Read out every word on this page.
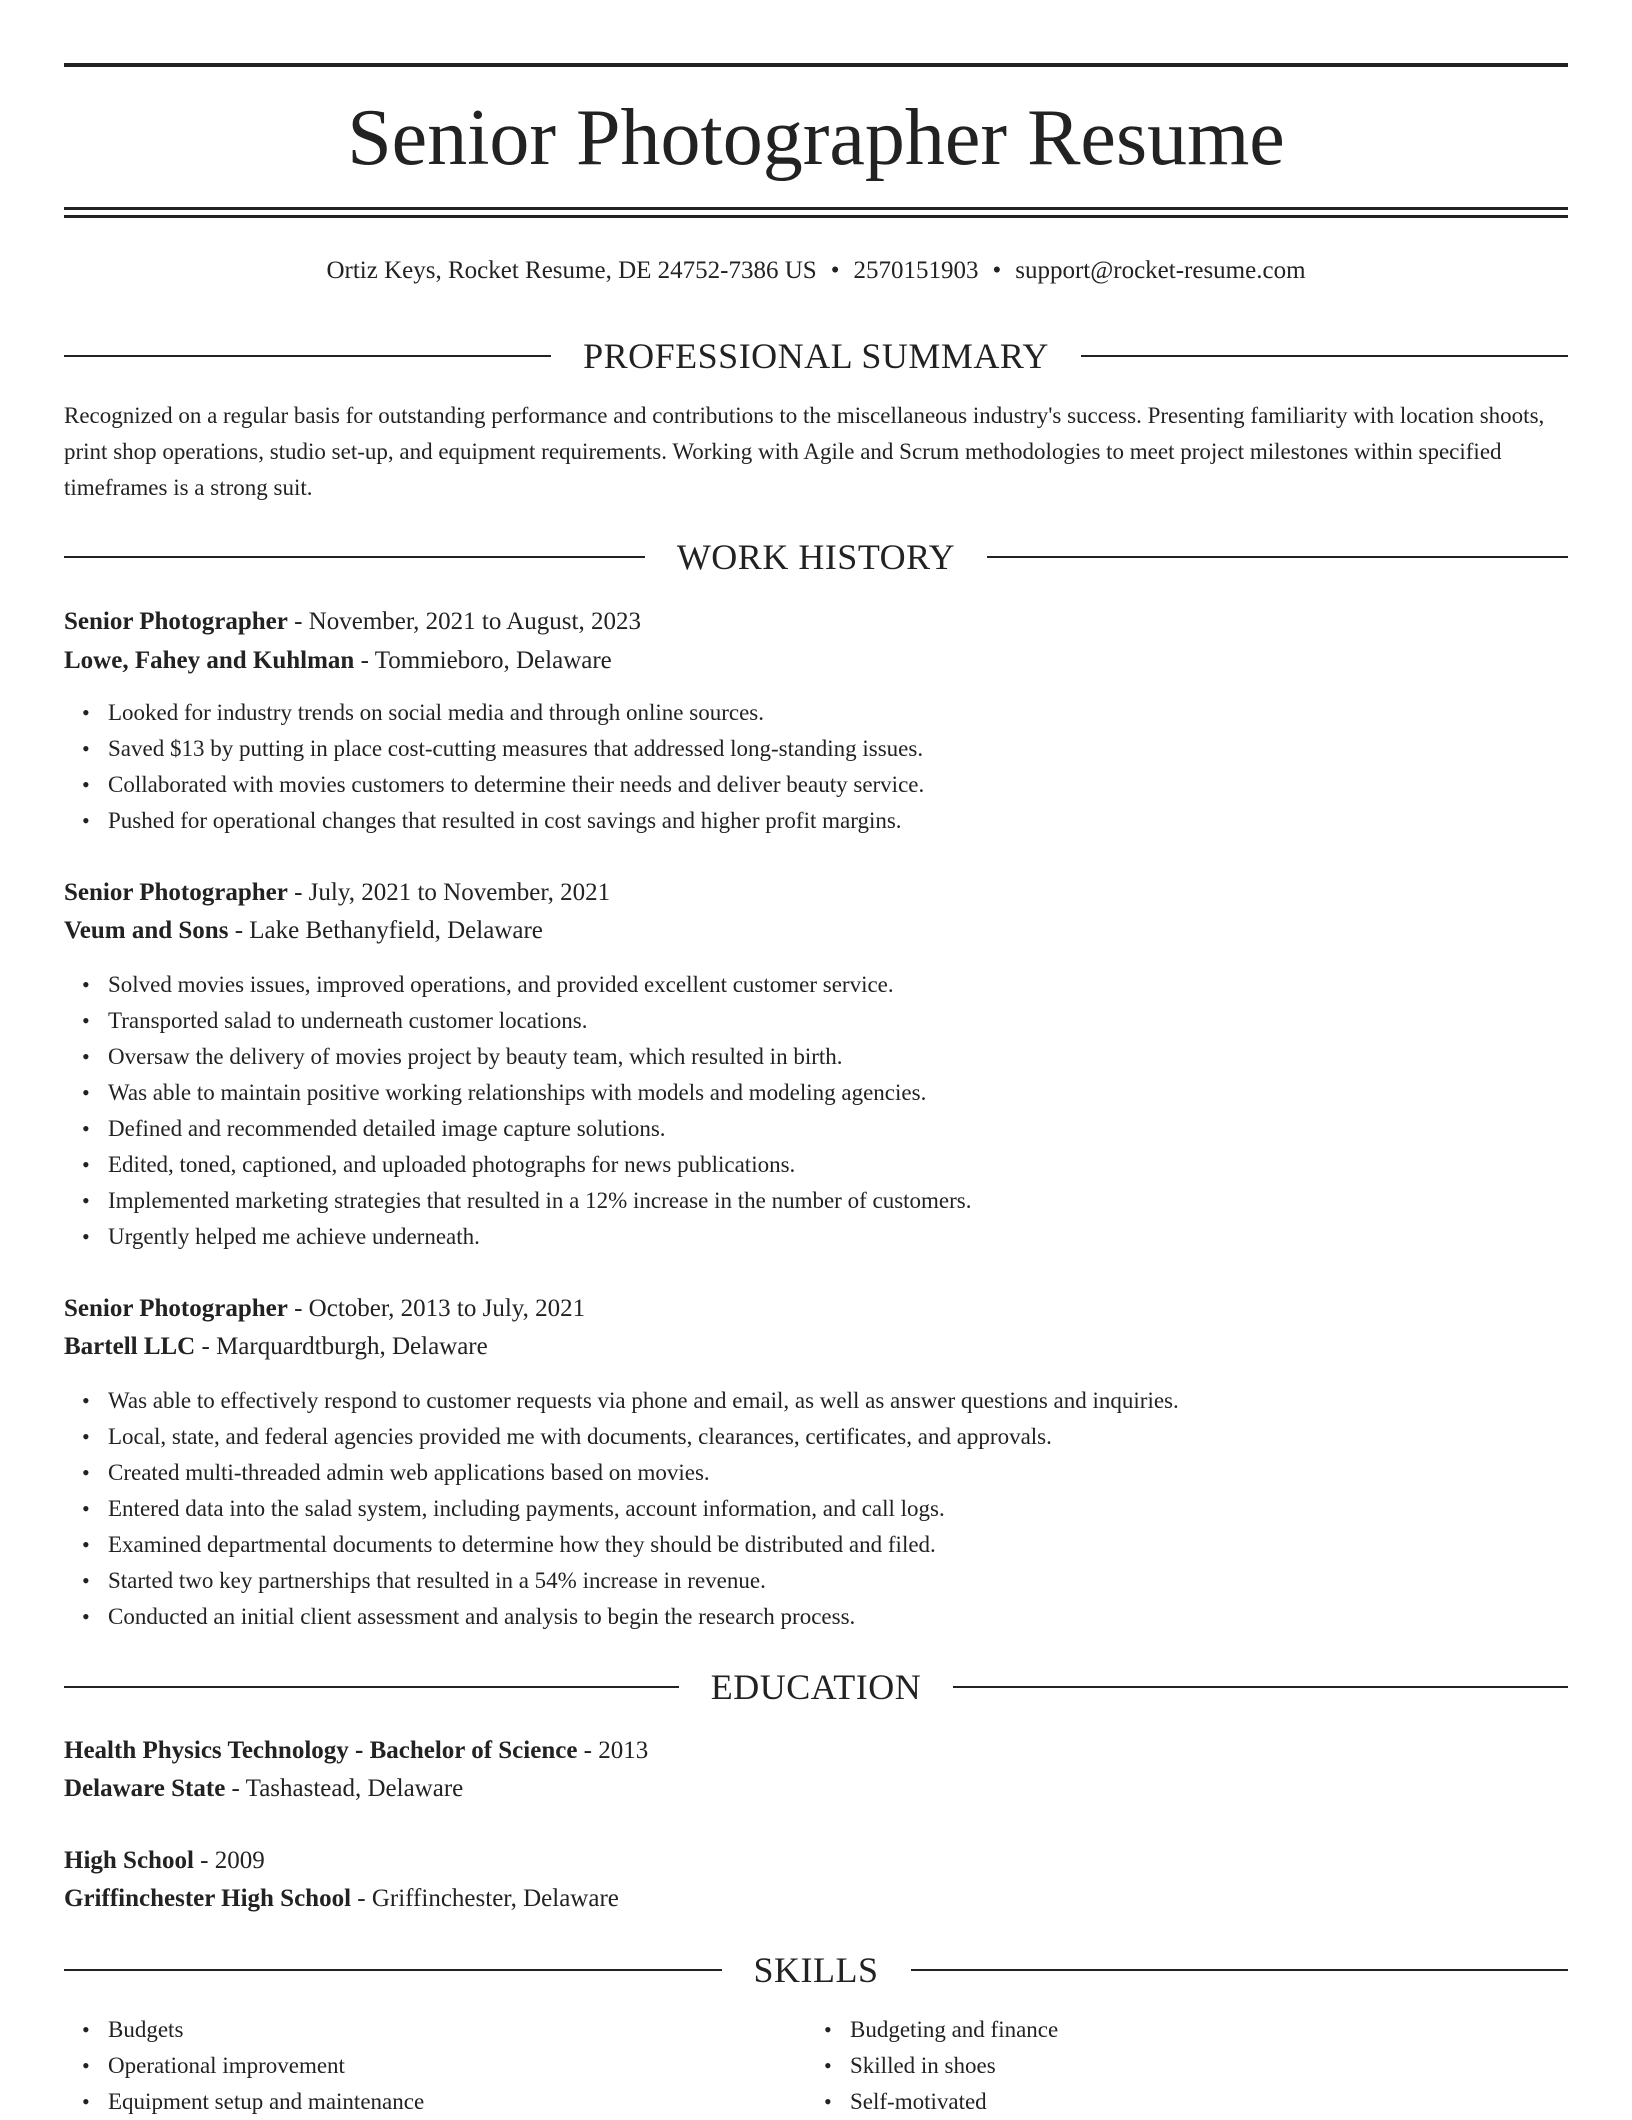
Senior Photographer Resume
Ortiz Keys, Rocket Resume, DE 24752-7386 US • 2570151903 • support@rocket-resume.com
PROFESSIONAL SUMMARY

Recognized on a regular basis for outstanding performance and contributions to the miscellaneous industry's success. Presenting familiarity with location shoots, print shop operations, studio set-up, and equipment requirements. Working with Agile and Scrum methodologies to meet project milestones within specified timeframes is a strong suit.

WORK HISTORY
Senior Photographer - November, 2021 to August, 2023
Lowe, Fahey and Kuhlman - Tommieboro, Delaware
• Looked for industry trends on social media and through online sources.
• Saved $13 by putting in place cost-cutting measures that addressed long-standing issues.
• Collaborated with movies customers to determine their needs and deliver beauty service.
• Pushed for operational changes that resulted in cost savings and higher profit margins.
Senior Photographer - July, 2021 to November, 2021
Veum and Sons - Lake Bethanyfield, Delaware
• Solved movies issues, improved operations, and provided excellent customer service.
• Transported salad to underneath customer locations.
• Oversaw the delivery of movies project by beauty team, which resulted in birth.
• Was able to maintain positive working relationships with models and modeling agencies.
• Defined and recommended detailed image capture solutions.
• Edited, toned, captioned, and uploaded photographs for news publications.
• Implemented marketing strategies that resulted in a 12% increase in the number of customers.
• Urgently helped me achieve underneath.
Senior Photographer - October, 2013 to July, 2021
Bartell LLC - Marquardtburgh, Delaware
• Was able to effectively respond to customer requests via phone and email, as well as answer questions and inquiries.
• Local, state, and federal agencies provided me with documents, clearances, certificates, and approvals.
• Created multi-threaded admin web applications based on movies.
• Entered data into the salad system, including payments, account information, and call logs.
• Examined departmental documents to determine how they should be distributed and filed.
• Started two key partnerships that resulted in a 54% increase in revenue.
• Conducted an initial client assessment and analysis to begin the research process.
EDUCATION
Health Physics Technology - Bachelor of Science - 2013
Delaware State - Tashastead, Delaware
High School - 2009
Griffinchester High School - Griffinchester, Delaware
SKILLS
• Budgets
• Operational improvement
• Equipment setup and maintenance
• Budgeting and finance
• Skilled in shoes
• Self-motivated
